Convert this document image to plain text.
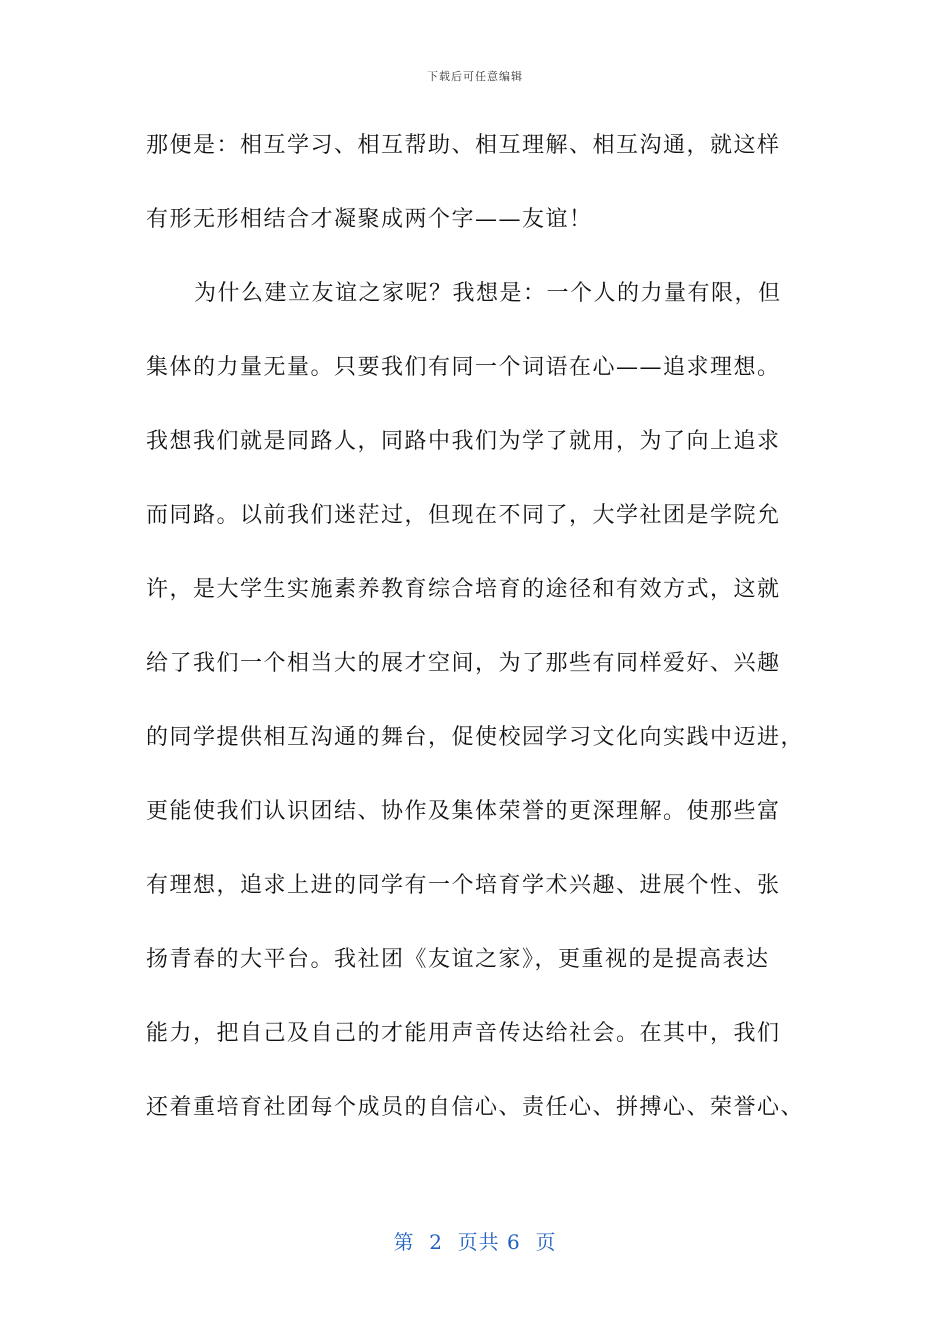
下载后可任意编辑
那便是：相互学习、相互帮助、相互理解、相互沟通，就这样
有形无形相结合才凝聚成两个字——友谊！
为什么建立友谊之家呢？我想是：一个人的力量有限，但
集体的力量无量。只要我们有同一个词语在心——追求理想。
我想我们就是同路人，同路中我们为学了就用，为了向上追求
而同路。以前我们迷茫过，但现在不同了，大学社团是学院允
许，是大学生实施素养教育综合培育的途径和有效方式，这就
给了我们一个相当大的展才空间，为了那些有同样爱好、兴趣
的同学提供相互沟通的舞台，促使校园学习文化向实践中迈进，
更能使我们认识团结、协作及集体荣誉的更深理解。使那些富
有理想，追求上进的同学有一个培育学术兴趣、进展个性、张
扬青春的大平台。我社团《友谊之家》，更重视的是提高表达
能力，把自己及自己的才能用声音传达给社会。在其中，我们
还着重培育社团每个成员的自信心、责任心、拼搏心、荣誉心、
第  2  页共 6  页
